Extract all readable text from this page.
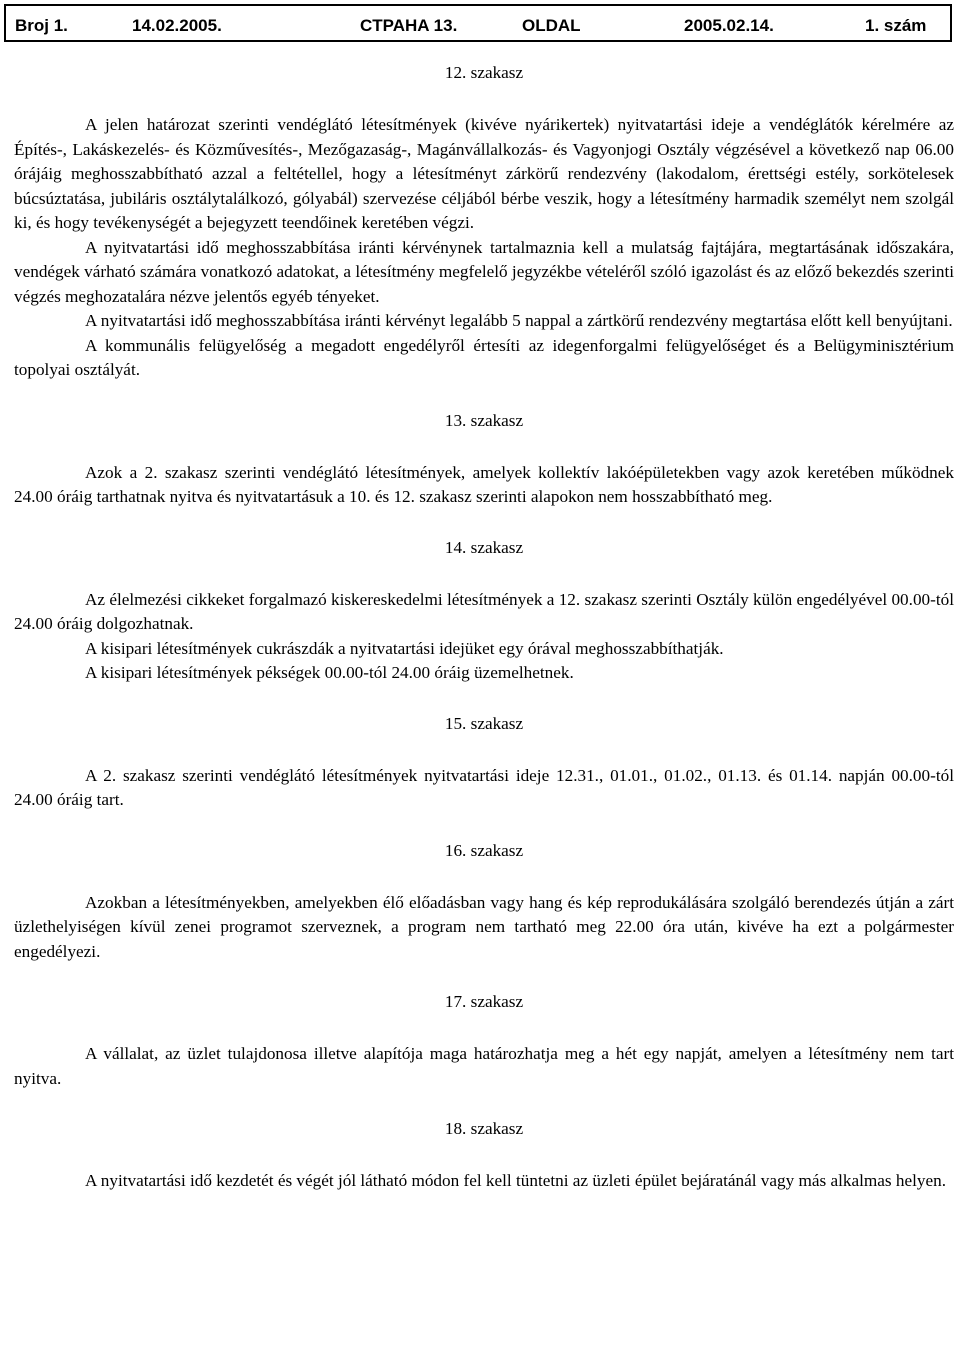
Broj 1.	14.02.2005.	CTPAHA 13.	OLDAL	2005.02.14.	1. szám
12. szakasz

A jelen határozat szerinti vendéglátó létesítmények (kivéve nyárikertek) nyitvatartási ideje a vendéglátók kérelmére az Építés-, Lakáskezelés- és Közművesítés-, Mezőgazaság-, Magánvállalkozás- és Vagyonjogi Osztály végzésével a következő nap 06.00 órájáig meghosszabbítható azzal a feltétellel, hogy a létesítményt zárkörű rendezvény (lakodalom, érettségi estély, sorkötelesek búcsúztatása, jubiláris osztálytalálkozó, gólyabál) szervezése céljából bérbe veszik, hogy a létesítmény harmadik személyt nem szolgál ki, és hogy tevékenységét a bejegyzett teendőinek keretében végzi.

A nyitvatartási idő meghosszabbítása iránti kérvénynek tartalmaznia kell a mulatság fajtájára, megtartásának időszakára, vendégek várható számára vonatkozó adatokat, a létesítmény megfelelő jegyzékbe vételéről szóló igazolást és az előző bekezdés szerinti végzés meghozatalára nézve jelentős egyéb tényeket.

A nyitvatartási idő meghosszabbítása iránti kérvényt legalább 5 nappal a zártkörű rendezvény megtartása előtt kell benyújtani.

A kommunális felügyelőség a megadott engedélyről értesíti az idegenforgalmi felügyelőséget és a Belügyminisztérium topolyai osztályát.

13. szakasz

Azok a 2. szakasz szerinti vendéglátó létesítmények, amelyek kollektív lakóépületekben vagy azok keretében működnek 24.00 óráig tarthatnak nyitva és nyitvatartásuk a 10. és 12. szakasz szerinti alapokon nem hosszabbítható meg.

14. szakasz

Az élelmezési cikkeket forgalmazó kiskereskedelmi létesítmények a 12. szakasz szerinti Osztály külön engedélyével 00.00-tól 24.00 óráig dolgozhatnak.

A kisipari létesítmények cukrászdák a nyitvatartási idejüket egy órával meghosszabbíthatják.

A kisipari létesítmények pékségek 00.00-tól 24.00 óráig üzemelhetnek.

15. szakasz

A 2. szakasz szerinti vendéglátó létesítmények nyitvatartási ideje 12.31., 01.01., 01.02., 01.13. és 01.14. napján 00.00-tól 24.00 óráig tart.

16. szakasz

Azokban a létesítményekben, amelyekben élő előadásban vagy hang és kép reprodukálására szolgáló berendezés útján a zárt üzlethelyiségen kívül zenei programot szerveznek, a program nem tartható meg 22.00 óra után, kivéve ha ezt a polgármester engedélyezi.

17. szakasz

A vállalat, az üzlet tulajdonosa illetve alapítója maga határozhatja meg a hét egy napját, amelyen a létesítmény nem tart nyitva.

18. szakasz

A nyitvatartási idő kezdetét és végét jól látható módon fel kell tüntetni az üzleti épület bejáratánál vagy más alkalmas helyen.
